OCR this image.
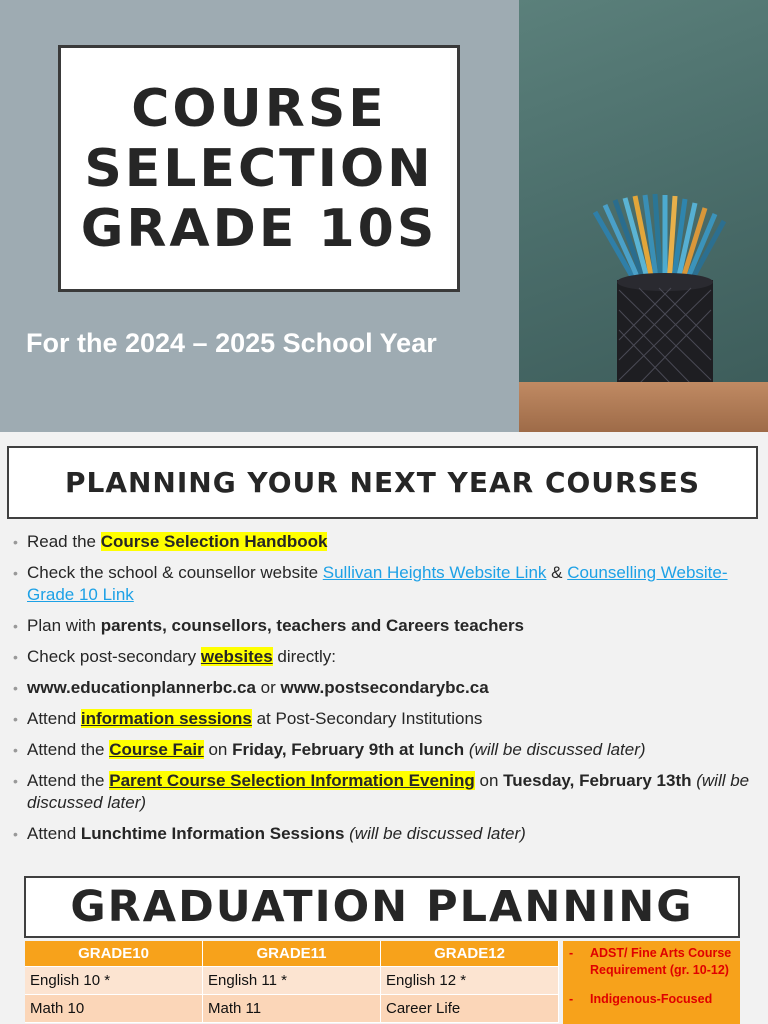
COURSE
SELECTION
GRADE 10S
For the 2024 – 2025 School Year
PLANNING YOUR NEXT YEAR COURSES
• Read the Course Selection Handbook
• Check the school & counsellor website Sullivan Heights Website Link & Counselling Website-Grade 10 Link
• Plan with parents, counsellors, teachers and Careers teachers
• Check post-secondary websites directly:
• www.educationplannerbc.ca or www.postsecondarybc.ca
• Attend information sessions at Post-Secondary Institutions
• Attend the Course Fair on Friday, February 9th at lunch (will be discussed later)
• Attend the Parent Course Selection Information Evening on Tuesday, February 13th (will be discussed later)
• Attend Lunchtime Information Sessions (will be discussed later)
GRADUATION PLANNING
GRADE10	GRADE11	GRADE12
English 10 *	English 11 *	English 12 *
Math 10	Math 11	Career Life
- ADST/ Fine Arts Course Requirement (gr. 10-12)
- Indigenous-Focused
